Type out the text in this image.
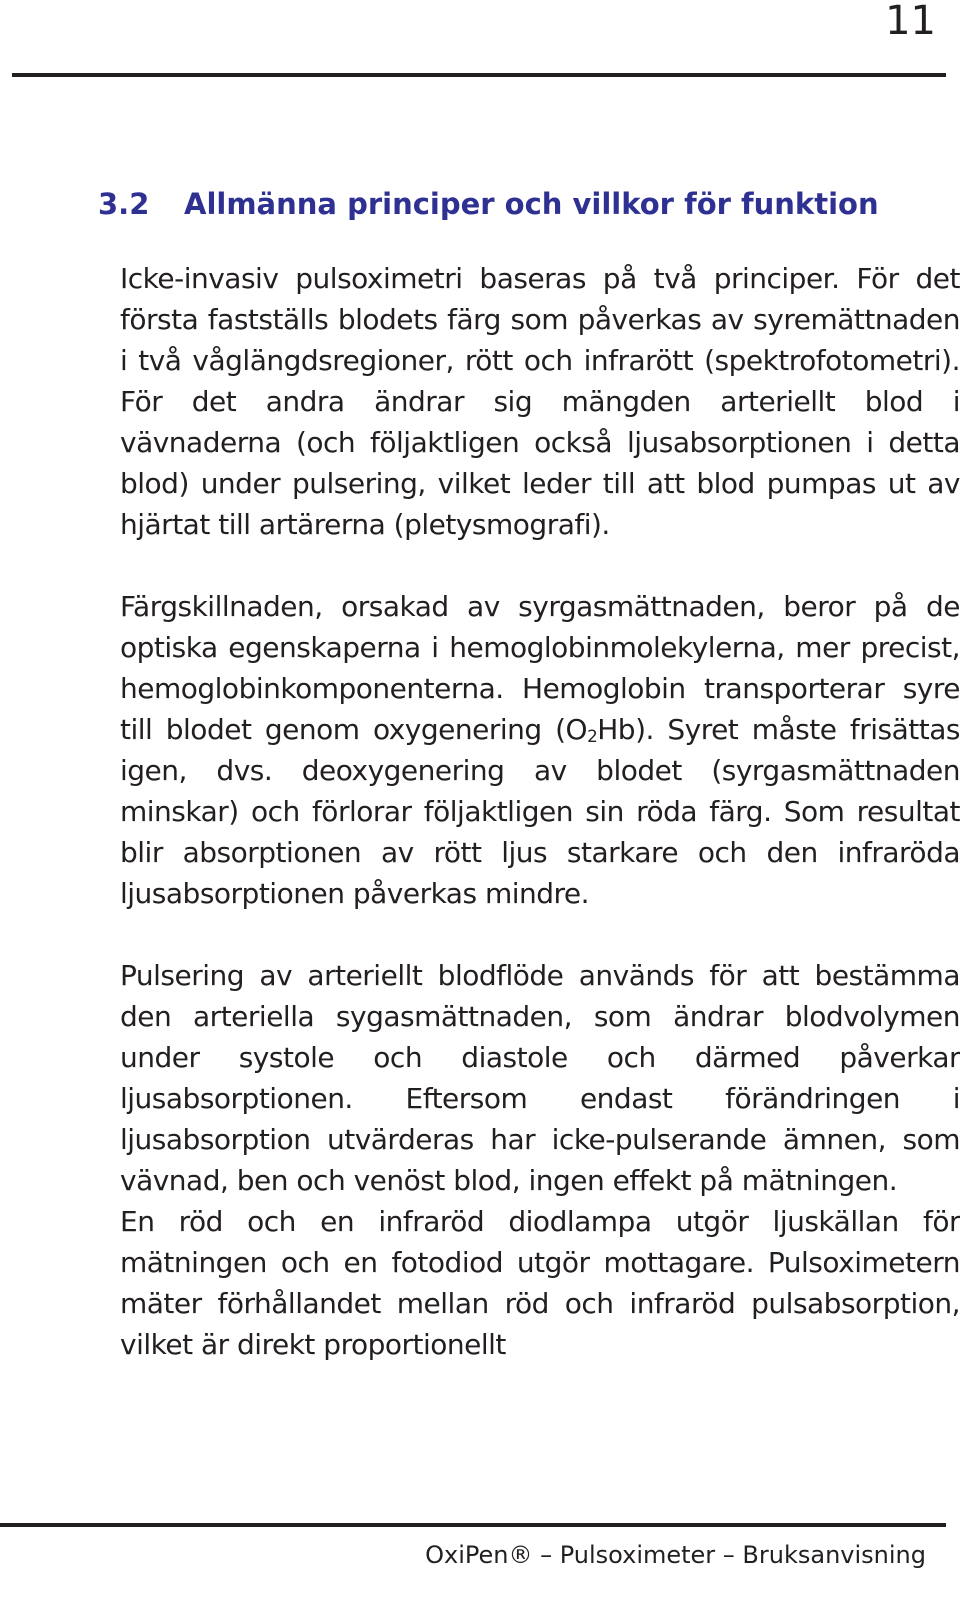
11
3.2 Allmänna principer och villkor för funktion

Icke-invasiv pulsoximetri baseras på två principer. För det första fastställs blodets färg som påverkas av syremättnaden i två våglängdsregioner, rött och infrarött (spektrofotometri). För det andra ändrar sig mängden arteriellt blod i vävnaderna (och följaktligen också ljusabsorptionen i detta blod) under pulsering, vilket leder till att blod pumpas ut av hjärtat till artärerna (pletysmografi).

Färgskillnaden, orsakad av syrgasmättnaden, beror på de optiska egenskaperna i hemoglobinmolekylerna, mer precist, hemoglobinkomponenterna. Hemoglobin transporterar syre till blodet genom oxygenering $(O_2Hb)$. Syret måste frisättas igen, dvs. deoxygenering av blodet (syrgasmättnaden minskar) och förlorar följaktligen sin röda färg. Som resultat blir absorptionen av rött ljus starkare och den infraröda ljusabsorptionen påverkas mindre.

Pulsering av arteriellt blodflöde används för att bestämma den arteriella sygasmättnaden, som ändrar blodvolymen under systole och diastole och därmed påverkar ljusabsorptionen. Eftersom endast förändringen i ljusabsorption utvärderas har icke-pulserande ämnen, som vävnad, ben och venöst blod, ingen effekt på mätningen.

En röd och en infraröd diodlampa utgör ljuskällan för mätningen och en fotodiod utgör mottagare. Pulsoximetern mäter förhållandet mellan röd och infraröd pulsabsorption, vilket är direkt proportionellt

OxiPen® – Pulsoximeter – Bruksanvisning
